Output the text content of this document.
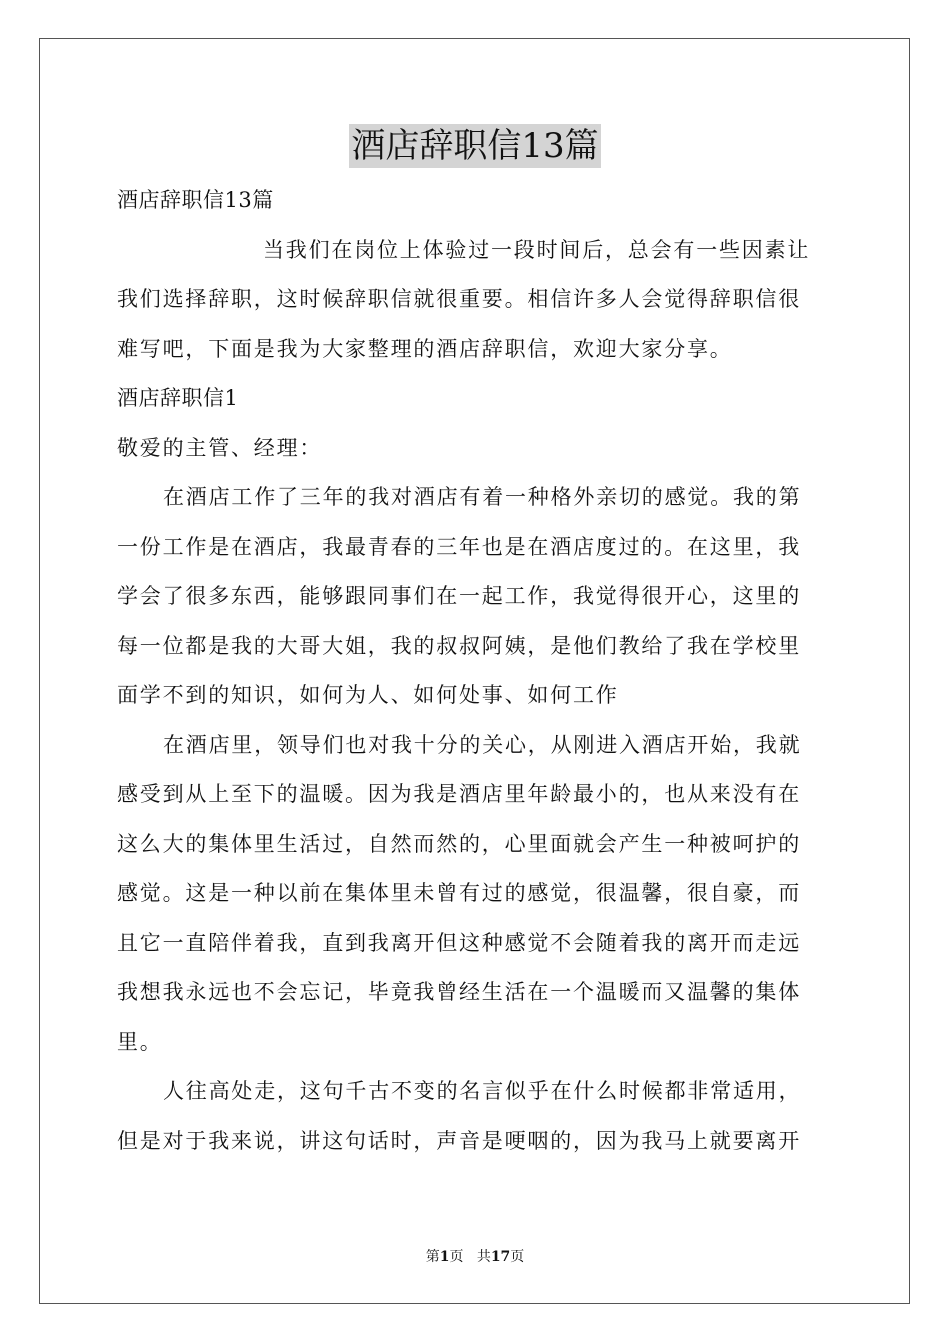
酒店辞职信13篇
酒店辞职信13篇
当我们在岗位上体验过一段时间后，总会有一些因素让
我们选择辞职，这时候辞职信就很重要。相信许多人会觉得辞职信很
难写吧，下面是我为大家整理的酒店辞职信，欢迎大家分享。
酒店辞职信1
敬爱的主管、经理：
在酒店工作了三年的我对酒店有着一种格外亲切的感觉。我的第
一份工作是在酒店，我最青春的三年也是在酒店度过的。在这里，我
学会了很多东西，能够跟同事们在一起工作，我觉得很开心，这里的
每一位都是我的大哥大姐，我的叔叔阿姨，是他们教给了我在学校里
面学不到的知识，如何为人、如何处事、如何工作
在酒店里，领导们也对我十分的关心，从刚进入酒店开始，我就
感受到从上至下的温暖。因为我是酒店里年龄最小的，也从来没有在
这么大的集体里生活过，自然而然的，心里面就会产生一种被呵护的
感觉。这是一种以前在集体里未曾有过的感觉，很温馨，很自豪，而
且它一直陪伴着我，直到我离开但这种感觉不会随着我的离开而走远
我想我永远也不会忘记，毕竟我曾经生活在一个温暖而又温馨的集体
里。
人往高处走，这句千古不变的名言似乎在什么时候都非常适用，
但是对于我来说，讲这句话时，声音是哽咽的，因为我马上就要离开
第1页 共17页
